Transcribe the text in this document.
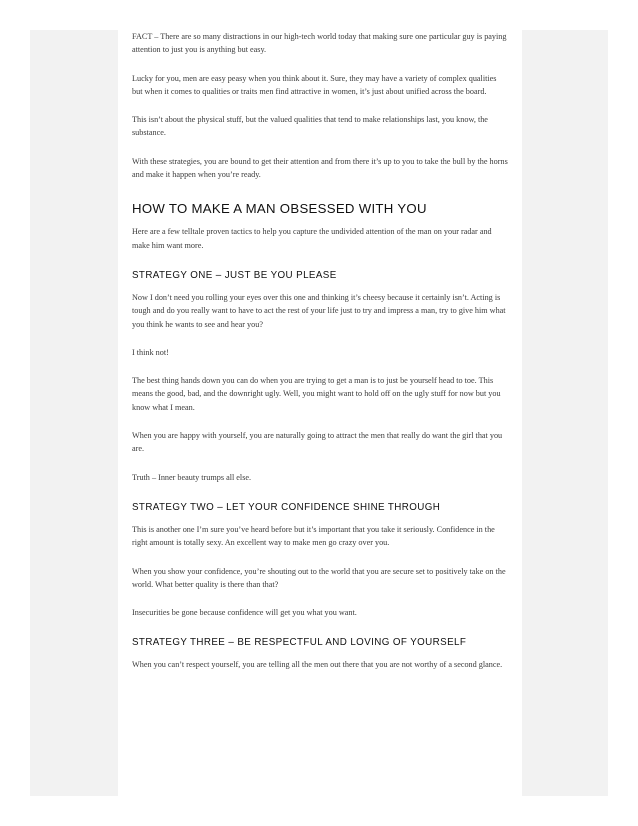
FACT – There are so many distractions in our high-tech world today that making sure one particular guy is paying attention to just you is anything but easy.

Lucky for you, men are easy peasy when you think about it. Sure, they may have a variety of complex qualities but when it comes to qualities or traits men find attractive in women, it’s just about unified across the board.

This isn’t about the physical stuff, but the valued qualities that tend to make relationships last, you know, the substance.

With these strategies, you are bound to get their attention and from there it’s up to you to take the bull by the horns and make it happen when you’re ready.

HOW TO MAKE A MAN OBSESSED WITH YOU

Here are a few telltale proven tactics to help you capture the undivided attention of the man on your radar and make him want more.

STRATEGY ONE – JUST BE YOU PLEASE

Now I don’t need you rolling your eyes over this one and thinking it’s cheesy because it certainly isn’t. Acting is tough and do you really want to have to act the rest of your life just to try and impress a man, try to give him what you think he wants to see and hear you?

I think not!

The best thing hands down you can do when you are trying to get a man is to just be yourself head to toe. This means the good, bad, and the downright ugly. Well, you might want to hold off on the ugly stuff for now but you know what I mean.

When you are happy with yourself, you are naturally going to attract the men that really do want the girl that you are.

Truth – Inner beauty trumps all else.

STRATEGY TWO – LET YOUR CONFIDENCE SHINE THROUGH

This is another one I’m sure you’ve heard before but it’s important that you take it seriously. Confidence in the right amount is totally sexy. An excellent way to make men go crazy over you.

When you show your confidence, you’re shouting out to the world that you are secure set to positively take on the world. What better quality is there than that?

Insecurities be gone because confidence will get you what you want.

STRATEGY THREE – BE RESPECTFUL AND LOVING OF YOURSELF

When you can’t respect yourself, you are telling all the men out there that you are not worthy of a second glance.
